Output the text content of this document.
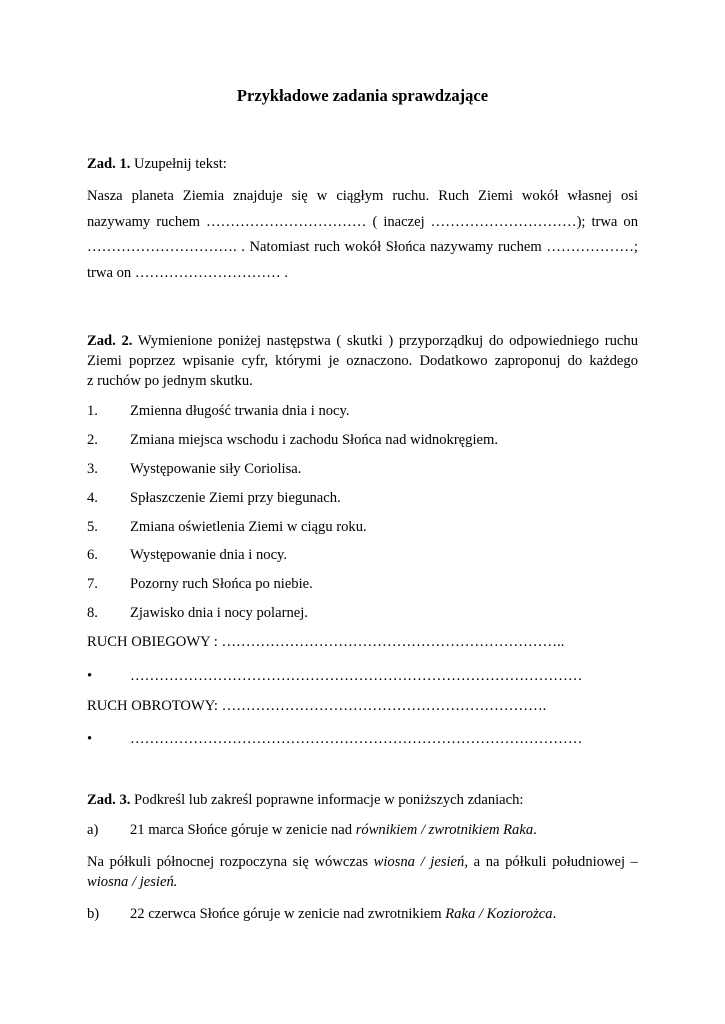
Przykładowe zadania sprawdzające
Zad. 1. Uzupełnij tekst:
Nasza planeta Ziemia znajduje się w ciągłym ruchu. Ruch Ziemi wokół własnej osi
nazywamy ruchem …………………………… ( inaczej …………………………); trwa on
…………………………. . Natomiast ruch wokół Słońca nazywamy ruchem ………………;
trwa on ………………………… .
Zad. 2. Wymienione poniżej następstwa ( skutki ) przyporządkuj do odpowiedniego ruchu
Ziemi poprzez wpisanie cyfr, którymi je oznaczono. Dodatkowo zaproponuj do każdego
z ruchów po jednym skutku.
1. Zmienna długość trwania dnia i nocy.
2. Zmiana miejsca wschodu i zachodu Słońca nad widnokręgiem.
3. Występowanie siły Coriolisa.
4. Spłaszczenie Ziemi przy biegunach.
5. Zmiana oświetlenia Ziemi w ciągu roku.
6. Występowanie dnia i nocy.
7. Pozorny ruch Słońca po niebie.
8. Zjawisko dnia i nocy polarnej.
RUCH OBIEGOWY : ……………………………………………………………..
•	…………………………………………………………………………………
RUCH OBROTOWY: ………………………………………………………….
•	…………………………………………………………………………………
Zad. 3. Podkreśl lub zakreśl poprawne informacje w poniższych zdaniach:
a) 21 marca Słońce góruje w zenicie nad równikiem / zwrotnikiem Raka.
Na półkuli północnej rozpoczyna się wówczas wiosna / jesień, a na półkuli południowej –
wiosna / jesień.
b) 22 czerwca Słońce góruje w zenicie nad zwrotnikiem Raka / Koziorożca.
